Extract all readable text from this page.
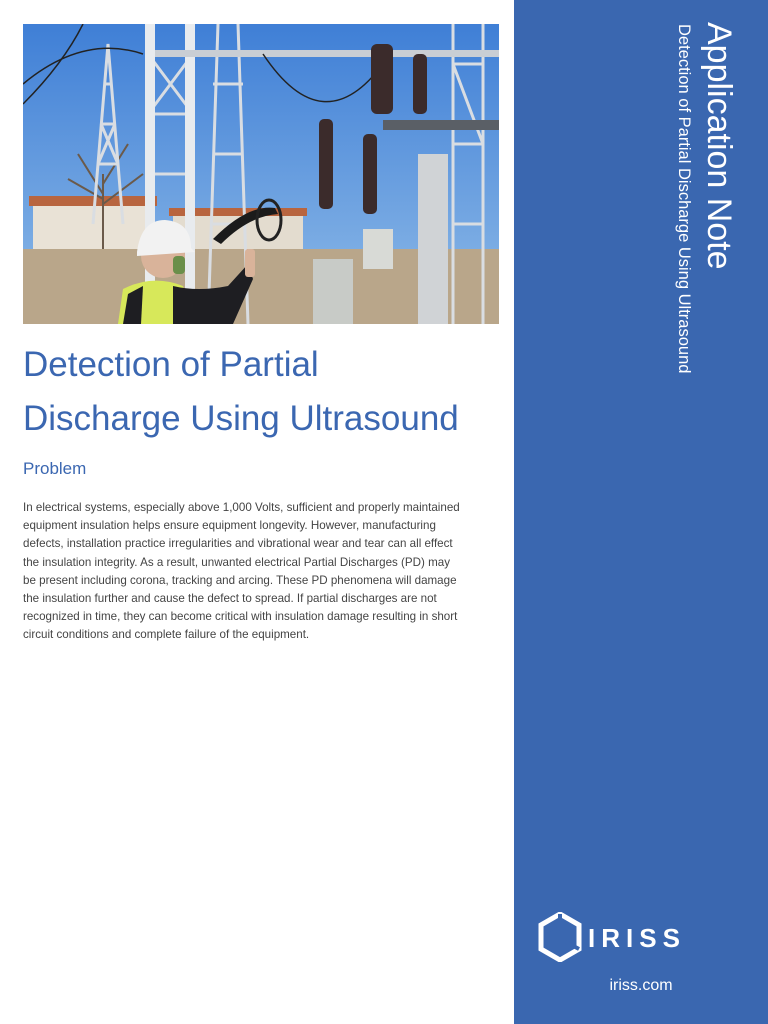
Detection of Partial
Discharge Using Ultrasound
Problem

In electrical systems, especially above 1,000 Volts, sufficient and properly maintained
equipment insulation helps ensure equipment longevity. However, manufacturing
defects, installation practice irregularities and vibrational wear and tear can all effect
the insulation integrity. As a result, unwanted electrical Partial Discharges (PD) may
be present including corona, tracking and arcing. These PD phenomena will damage
the insulation further and cause the defect to spread. If partial discharges are not
recognized in time, they can become critical with insulation damage resulting in short
circuit conditions and complete failure of the equipment.

Application Note
Detection of Partial Discharge Using Ultrasound
IRISS
iriss.com
